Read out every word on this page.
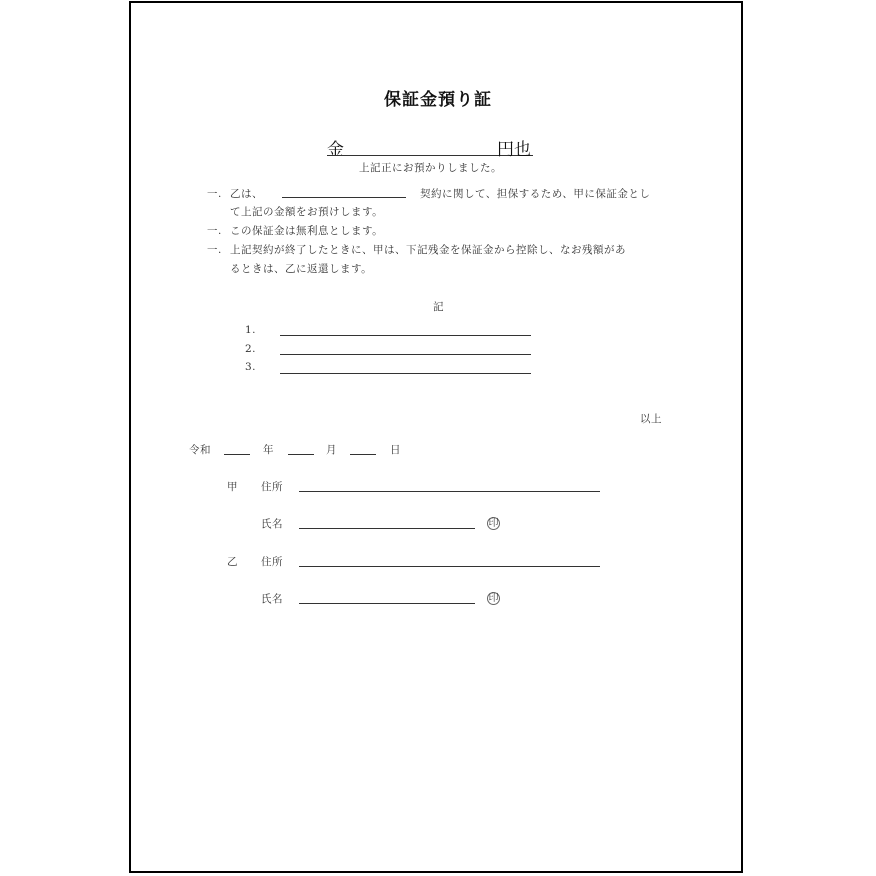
保証金預り証
金	円也
上記正にお預かりしました。
一. 乙は、	契約に関して、担保するため、甲に保証金とし
て上記の金額をお預けします。
一. この保証金は無利息とします。
一. 上記契約が終了したときに、甲は、下記残金を保証金から控除し、なお残額があ
るときは、乙に返還します。
記
1.
2.
3.
以上
令和	年	月	日
甲 住所
氏名	印
乙 住所
氏名	印
